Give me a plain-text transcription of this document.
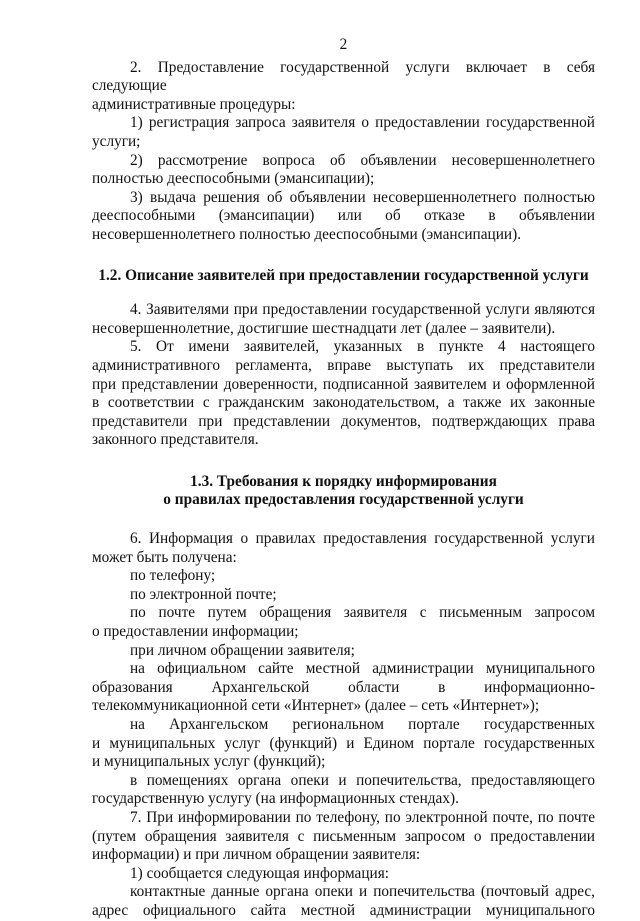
2

2. Предоставление государственной услуги включает в себя следующие

административные процедуры:

1) регистрация запроса заявителя о предоставлении государственной

услуги;

2) рассмотрение вопроса об объявлении несовершеннолетнего

полностью дееспособными (эмансипации);

3) выдача решения об объявлении несовершеннолетнего полностью

дееспособными (эмансипации) или об отказе в объявлении

несовершеннолетнего полностью дееспособными (эмансипации).

1.2. Описание заявителей при предоставлении государственной услуги

4. Заявителями при предоставлении государственной услуги являются

несовершеннолетние, достигшие шестнадцати лет (далее – заявители).

5. От имени заявителей, указанных в пункте 4 настоящего

административного регламента, вправе выступать их представители

при представлении доверенности, подписанной заявителем и оформленной

в соответствии с гражданским законодательством, а также их законные

представители при представлении документов, подтверждающих права

законного представителя.

1.3. Требования к порядку информирования
о правилах предоставления государственной услуги

6. Информация о правилах предоставления государственной услуги

может быть получена:

по телефону;

по электронной почте;

по почте путем обращения заявителя с письменным запросом

о предоставлении информации;

при личном обращении заявителя;

на официальном сайте местной администрации муниципального

образования Архангельской области в информационно-

телекоммуникационной сети «Интернет» (далее – сеть «Интернет»);

на Архангельском региональном портале государственных

и муниципальных услуг (функций) и Едином портале государственных

и муниципальных услуг (функций);

в помещениях органа опеки и попечительства, предоставляющего

государственную услугу (на информационных стендах).

7. При информировании по телефону, по электронной почте, по почте

(путем обращения заявителя с письменным запросом о предоставлении

информации) и при личном обращении заявителя:

1) сообщается следующая информация:

контактные данные органа опеки и попечительства (почтовый адрес,

адрес официального сайта местной администрации муниципального
